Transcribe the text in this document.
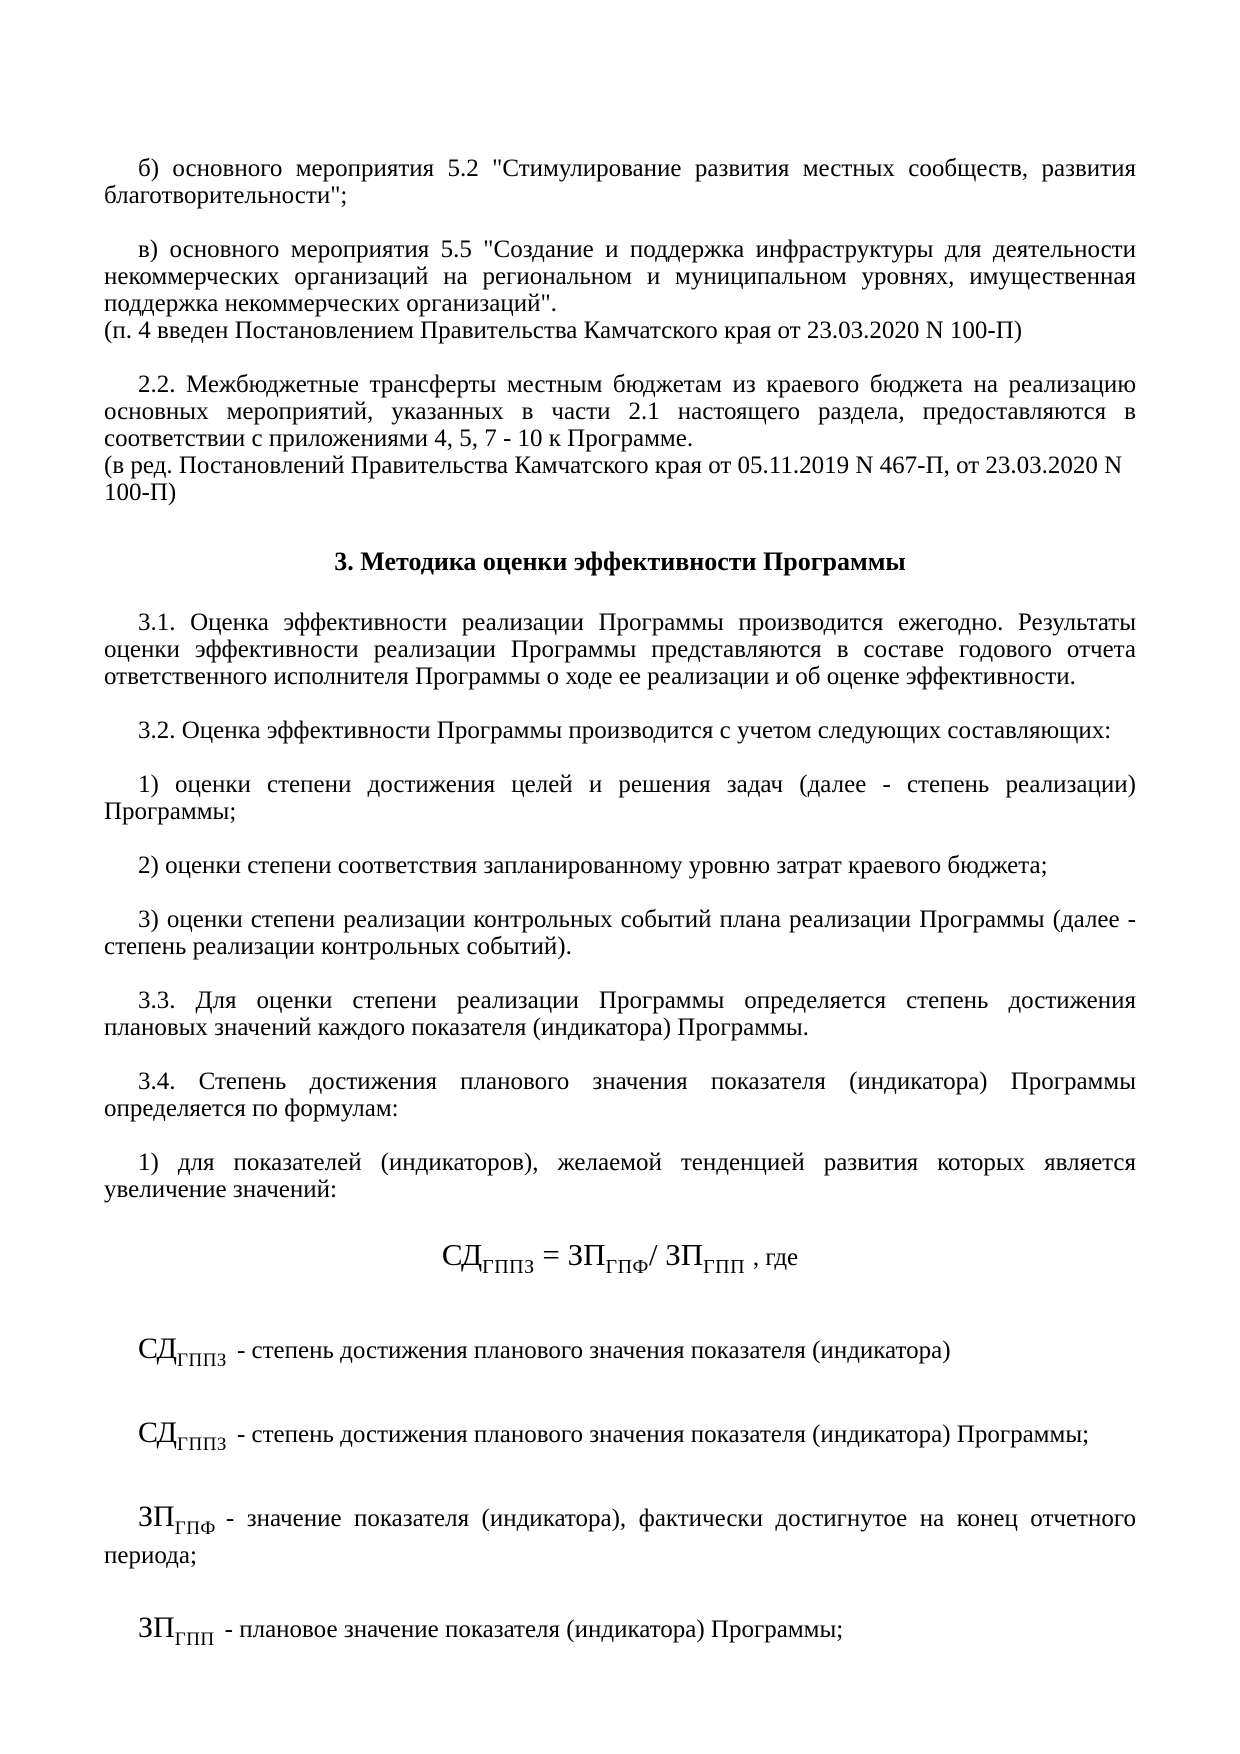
б) основного мероприятия 5.2 "Стимулирование развития местных сообществ, развития благотворительности";

в) основного мероприятия 5.5 "Создание и поддержка инфраструктуры для деятельности некоммерческих организаций на региональном и муниципальном уровнях, имущественная поддержка некоммерческих организаций".

(п. 4 введен Постановлением Правительства Камчатского края от 23.03.2020 N 100-П)

2.2. Межбюджетные трансферты местным бюджетам из краевого бюджета на реализацию основных мероприятий, указанных в части 2.1 настоящего раздела, предоставляются в соответствии с приложениями 4, 5, 7 - 10 к Программе.

(в ред. Постановлений Правительства Камчатского края от 05.11.2019 N 467-П, от 23.03.2020 N 100-П)

3. Методика оценки эффективности Программы

3.1. Оценка эффективности реализации Программы производится ежегодно. Результаты оценки эффективности реализации Программы представляются в составе годового отчета ответственного исполнителя Программы о ходе ее реализации и об оценке эффективности.

3.2. Оценка эффективности Программы производится с учетом следующих составляющих:

1) оценки степени достижения целей и решения задач (далее - степень реализации) Программы;

2) оценки степени соответствия запланированному уровню затрат краевого бюджета;

3) оценки степени реализации контрольных событий плана реализации Программы (далее - степень реализации контрольных событий).

3.3. Для оценки степени реализации Программы определяется степень достижения плановых значений каждого показателя (индикатора) Программы.

3.4. Степень достижения планового значения показателя (индикатора) Программы определяется по формулам:

1) для показателей (индикаторов), желаемой тенденцией развития которых является увеличение значений:

$СД_{ГППЗ} = ЗП_{ГПФ}/$ $ЗП_{ГПП}$ , где

$СД_{ГППЗ}$ - степень достижения планового значения показателя (индикатора)

$СД_{ГППЗ}$ - степень достижения планового значения показателя (индикатора) Программы;

$ЗП_{ГПФ}$ - значение показателя (индикатора), фактически достигнутое на конец отчетного периода;

$ЗП_{ГПП}$ - плановое значение показателя (индикатора) Программы;
